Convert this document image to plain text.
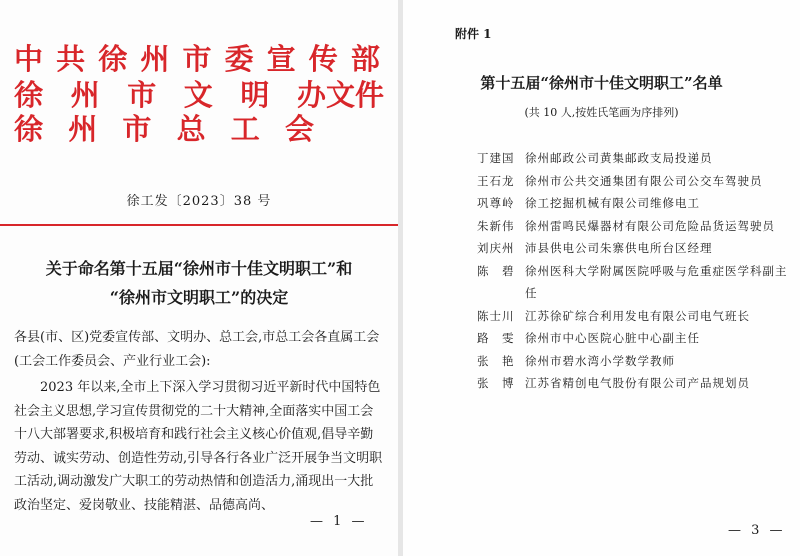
中 共 徐 州 市 委 宣 传 部
徐 州 市 文 明 办文件
徐 州 市 总 工 会
徐工发〔2023〕38 号
关于命名第十五届“徐州市十佳文明职工”和
“徐州市文明职工”的决定
各县(市、区)党委宣传部、文明办、总工会,市总工会各直属工会(工会工作委员会、产业行业工会):
2023 年以来,全市上下深入学习贯彻习近平新时代中国特色社会主义思想,学习宣传贯彻党的二十大精神,全面落实中国工会十八大部署要求,积极培育和践行社会主义核心价值观,倡导辛勤劳动、诚实劳动、创造性劳动,引导各行各业广泛开展争当文明职工活动,调动激发广大职工的劳动热情和创造活力,涌现出一大批政治坚定、爱岗敬业、技能精湛、品德高尚、
— 1 —
附件 1
第十五届“徐州市十佳文明职工”名单
(共 10 人,按姓氏笔画为序排列)
丁建国 徐州邮政公司黄集邮政支局投递员
王石龙 徐州市公共交通集团有限公司公交车驾驶员
巩尊岭 徐工挖掘机械有限公司维修电工
朱新伟 徐州雷鸣民爆器材有限公司危险品货运驾驶员
刘庆州 沛县供电公司朱寨供电所台区经理
陈　碧 徐州医科大学附属医院呼吸与危重症医学科副主任
陈士川 江苏徐矿综合利用发电有限公司电气班长
路　雯 徐州市中心医院心脏中心副主任
张　艳 徐州市碧水湾小学数学教师
张　博 江苏省精创电气股份有限公司产品规划员
— 3 —
